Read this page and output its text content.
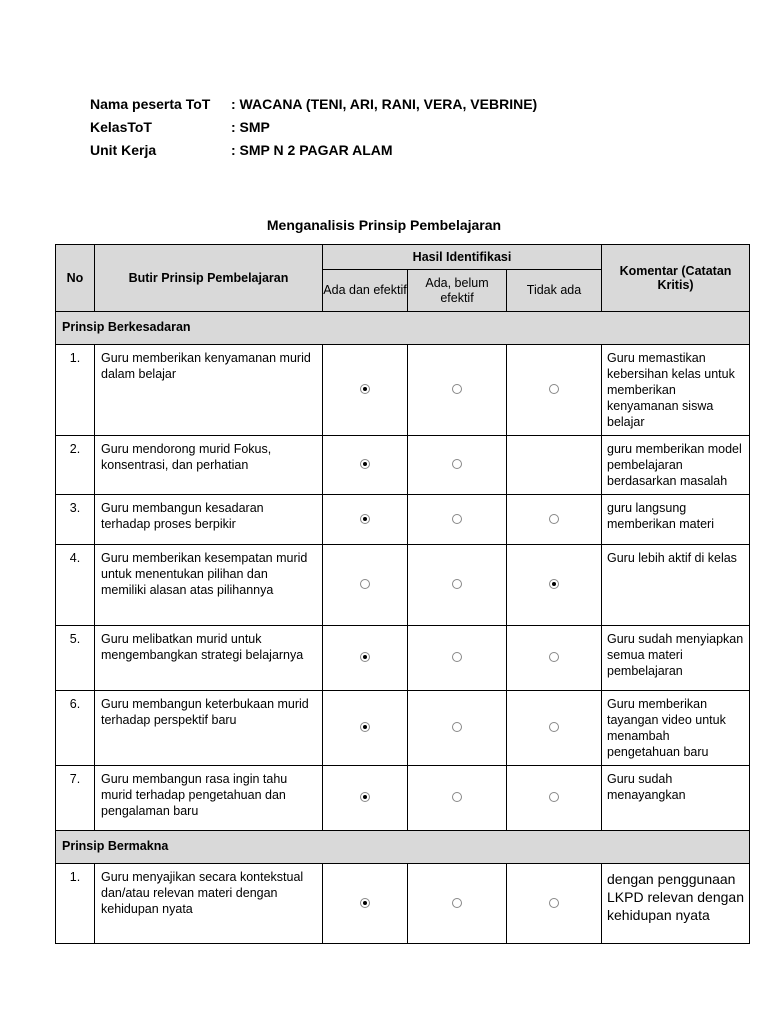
Nama peserta ToT	: WACANA (TENI, ARI, RANI, VERA, VEBRINE)
KelasToT	: SMP
Unit Kerja	: SMP N 2 PAGAR ALAM
Menganalisis Prinsip Pembelajaran
No	Butir Prinsip Pembelajaran	Hasil Identifikasi			Komentar (Catatan Kritis)
		Ada dan efektif	Ada, belum efektif	Tidak ada	
Prinsip Berkesadaran					
1.	Guru memberikan kenyamanan murid dalam belajar				Guru memastikan kebersihan kelas untuk memberikan kenyamanan siswa belajar
2.	Guru mendorong murid Fokus, konsentrasi, dan perhatian				guru memberikan model pembelajaran berdasarkan masalah
3.	Guru membangun kesadaran terhadap proses berpikir				guru langsung memberikan materi
4.	Guru memberikan kesempatan murid untuk menentukan pilihan dan memiliki alasan atas pilihannya				Guru lebih aktif di kelas
5.	Guru melibatkan murid untuk mengembangkan strategi belajarnya				Guru sudah menyiapkan semua materi pembelajaran
6.	Guru membangun keterbukaan murid terhadap perspektif baru				Guru memberikan tayangan video untuk menambah pengetahuan baru
7.	Guru membangun rasa ingin tahu murid terhadap pengetahuan dan pengalaman baru				Guru sudah menayangkan
Prinsip Bermakna					
1.	Guru menyajikan secara kontekstual dan/atau relevan materi dengan kehidupan nyata				dengan penggunaan LKPD relevan dengan kehidupan nyata
